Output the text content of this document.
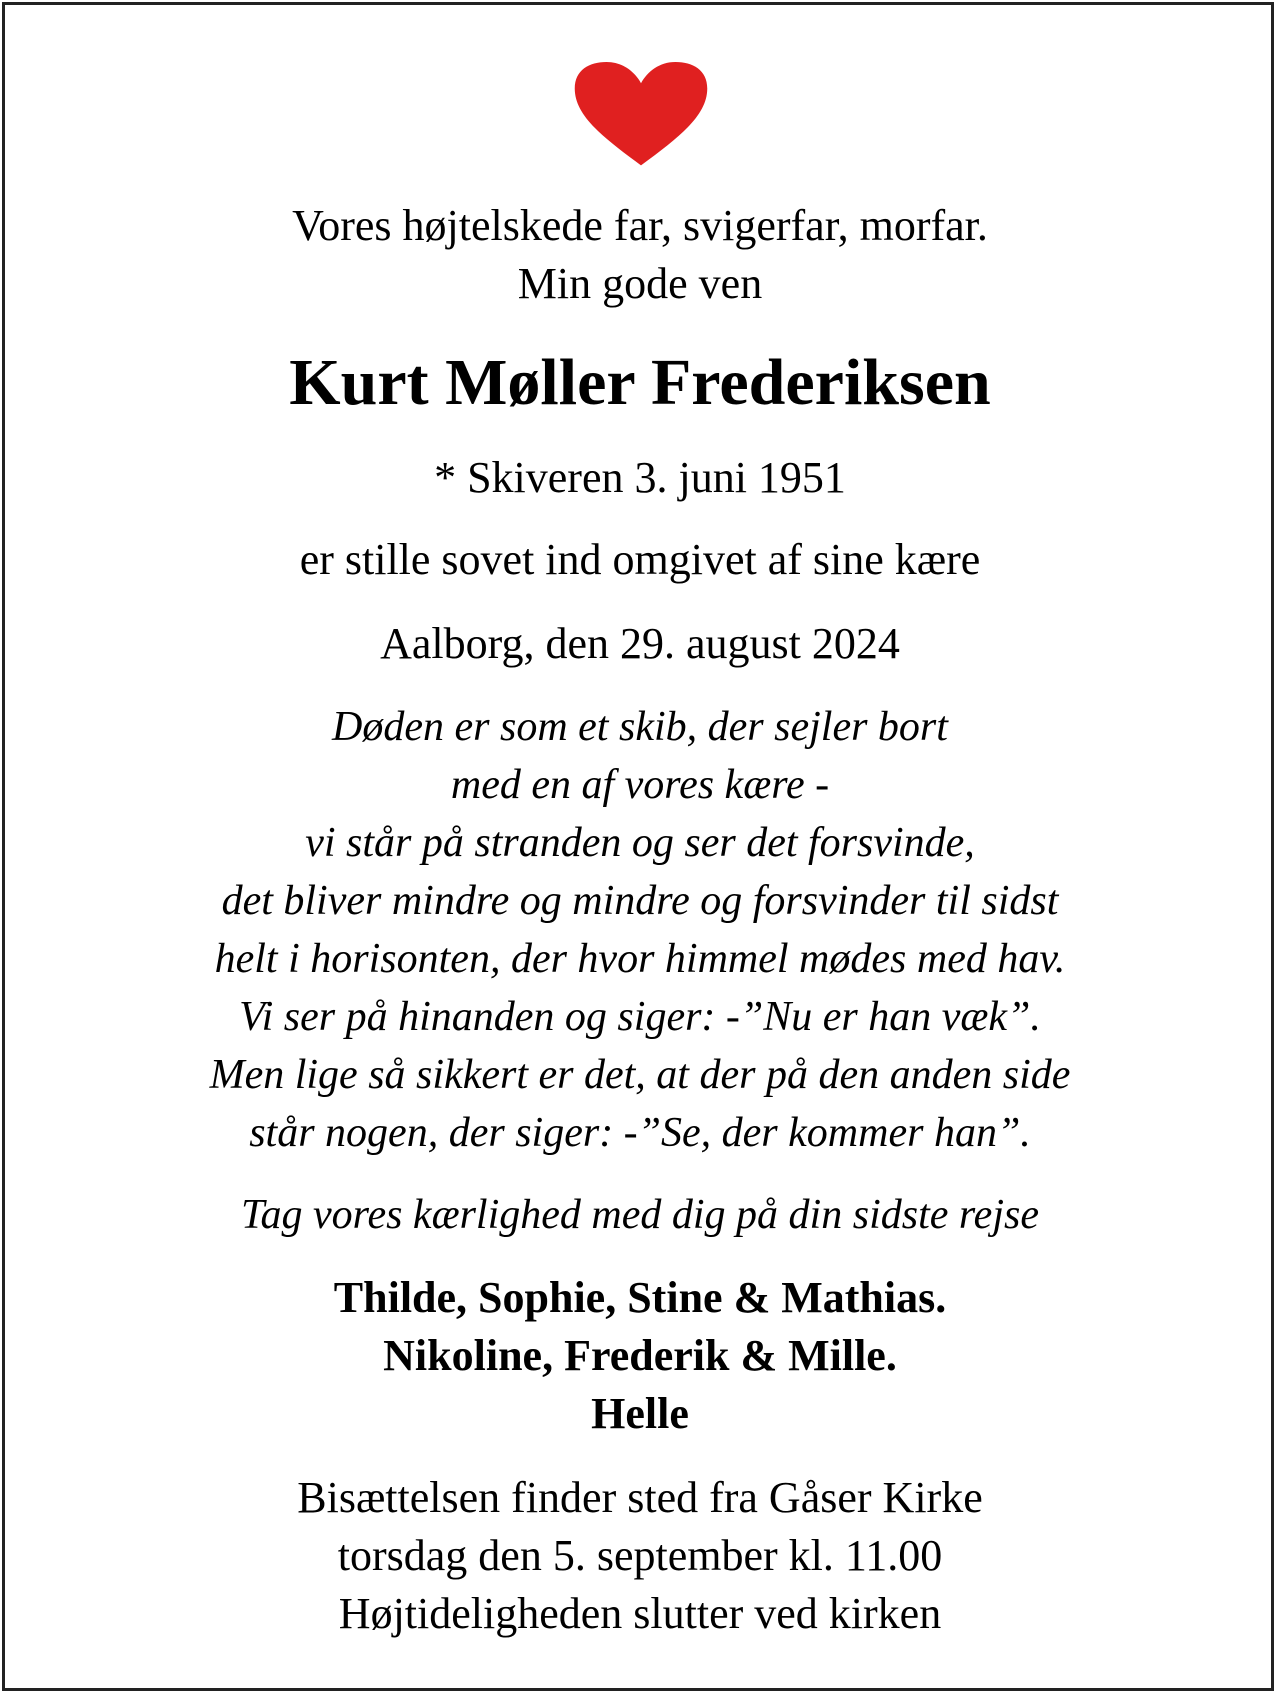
Vores højtelskede far, svigerfar, morfar.
Min gode ven
Kurt Møller Frederiksen
* Skiveren 3. juni 1951
er stille sovet ind omgivet af sine kære
Aalborg, den 29. august 2024
Døden er som et skib, der sejler bort
med en af vores kære -
vi står på stranden og ser det forsvinde,
det bliver mindre og mindre og forsvinder til sidst
helt i horisonten, der hvor himmel mødes med hav.
Vi ser på hinanden og siger: -”Nu er han væk”.
Men lige så sikkert er det, at der på den anden side
står nogen, der siger: -”Se, der kommer han”.
Tag vores kærlighed med dig på din sidste rejse
Thilde, Sophie, Stine & Mathias.
Nikoline, Frederik & Mille.
Helle
Bisættelsen finder sted fra Gåser Kirke
torsdag den 5. september kl. 11.00
Højtideligheden slutter ved kirken
